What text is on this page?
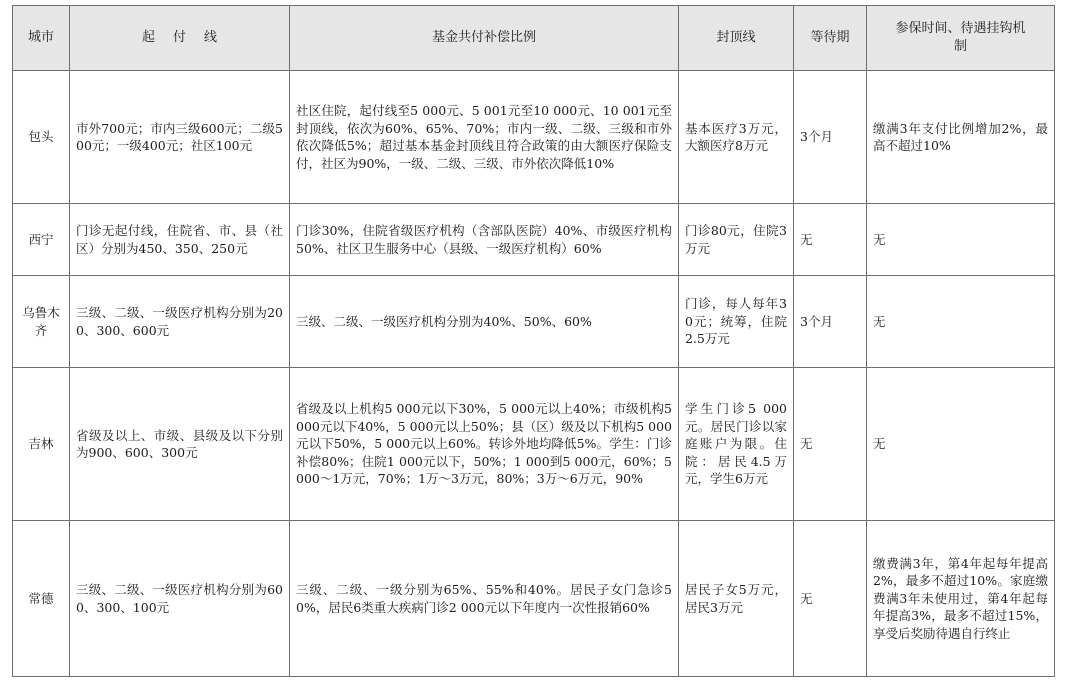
城市	起付线	基金共付补偿比例	封顶线	等待期	参保时间、待遇挂钩机制
包头	市外700元；市内三级600元；二级500元；一级400元；社区100元	社区住院，起付线至5 000元、5 001元至10 000元、10 001元至封顶线，依次为60%、65%、70%；市内一级、二级、三级和市外依次降低5%；超过基本基金封顶线且符合政策的由大额医疗保险支付，社区为90%，一级、二级、三级、市外依次降低10%	基本医疗3万元，大额医疗8万元	3个月	缴满3年支付比例增加2%，最高不超过10%
西宁	门诊无起付线，住院省、市、县（社区）分别为450、350、250元	门诊30%，住院省级医疗机构（含部队医院）40%、市级医疗机构50%、社区卫生服务中心（县级、一级医疗机构）60%	门诊80元，住院3万元	无	无
乌鲁木齐	三级、二级、一级医疗机构分别为200、300、600元	三级、二级、一级医疗机构分别为40%、50%、60%	门诊，每人每年30元；统筹，住院2.5万元	3个月	无
吉林	省级及以上、市级、县级及以下分别为900、600、300元	省级及以上机构5 000元以下30%，5 000元以上40%；市级机构5 000元以下40%，5 000元以上50%；县（区）级及以下机构5 000元以下50%，5 000元以上60%。转诊外地均降低5%。学生：门诊补偿80%；住院1 000元以下，50%；1 000到5 000元，60%；5 000～1万元，70%；1万～3万元，80%；3万～6万元，90%	学生门诊5 000元。居民门诊以家庭账户为限。住院：居民4.5万元，学生6万元	无	无
常德	三级、二级、一级医疗机构分别为600、300、100元	三级、二级、一级分别为65%、55%和40%。居民子女门急诊50%，居民6类重大疾病门诊2 000元以下年度内一次性报销60%	居民子女5万元，居民3万元	无	缴费满3年，第4年起每年提高2%，最多不超过10%。家庭缴费满3年未使用过，第4年起每年提高3%，最多不超过15%，享受后奖励待遇自行终止
